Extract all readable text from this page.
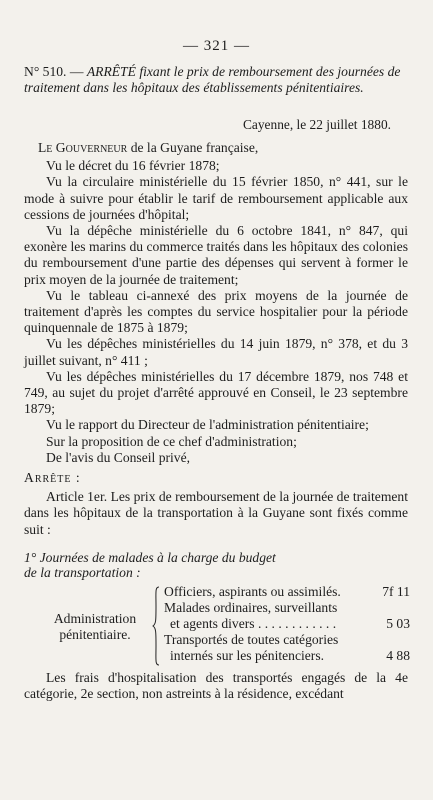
— 321 —
N° 510. — ARRÊTÉ fixant le prix de remboursement des journées de traitement dans les hôpitaux des établissements pénitentiaires.
Cayenne, le 22 juillet 1880.

Le Gouverneur de la Guyane française,

Vu le décret du 16 février 1878;

Vu la circulaire ministérielle du 15 février 1850, n° 441, sur le mode à suivre pour établir le tarif de remboursement applicable aux cessions de journées d'hôpital;

Vu la dépêche ministérielle du 6 octobre 1841, n° 847, qui exonère les marins du commerce traités dans les hôpitaux des colonies du remboursement d'une partie des dépenses qui servent à former le prix moyen de la journée de traitement;

Vu le tableau ci-annexé des prix moyens de la journée de traitement d'après les comptes du service hospitalier pour la période quinquennale de 1875 à 1879;

Vu les dépêches ministérielles du 14 juin 1879, n° 378, et du 3 juillet suivant, n° 411 ;

Vu les dépêches ministérielles du 17 décembre 1879, nos 748 et 749, au sujet du projet d'arrêté approuvé en Conseil, le 23 septembre 1879;

Vu le rapport du Directeur de l'administration pénitentiaire;

Sur la proposition de ce chef d'administration;

De l'avis du Conseil privé,

Arrête :

Article 1er. Les prix de remboursement de la journée de traitement dans les hôpitaux de la transportation à la Guyane sont fixés comme suit :

1° Journées de malades à la charge du budget
de la transportation :

Administration
pénitentiaire.
Officiers, aspirants ou assimilés.	7f 11
Malades ordinaires, surveillants
et agents divers . . . . . . . . . . . .	5 03
Transportés de toutes catégories
internés sur les pénitenciers.	4 88

Les frais d'hospitalisation des transportés engagés de la 4e catégorie, 2e section, non astreints à la résidence, excédant
